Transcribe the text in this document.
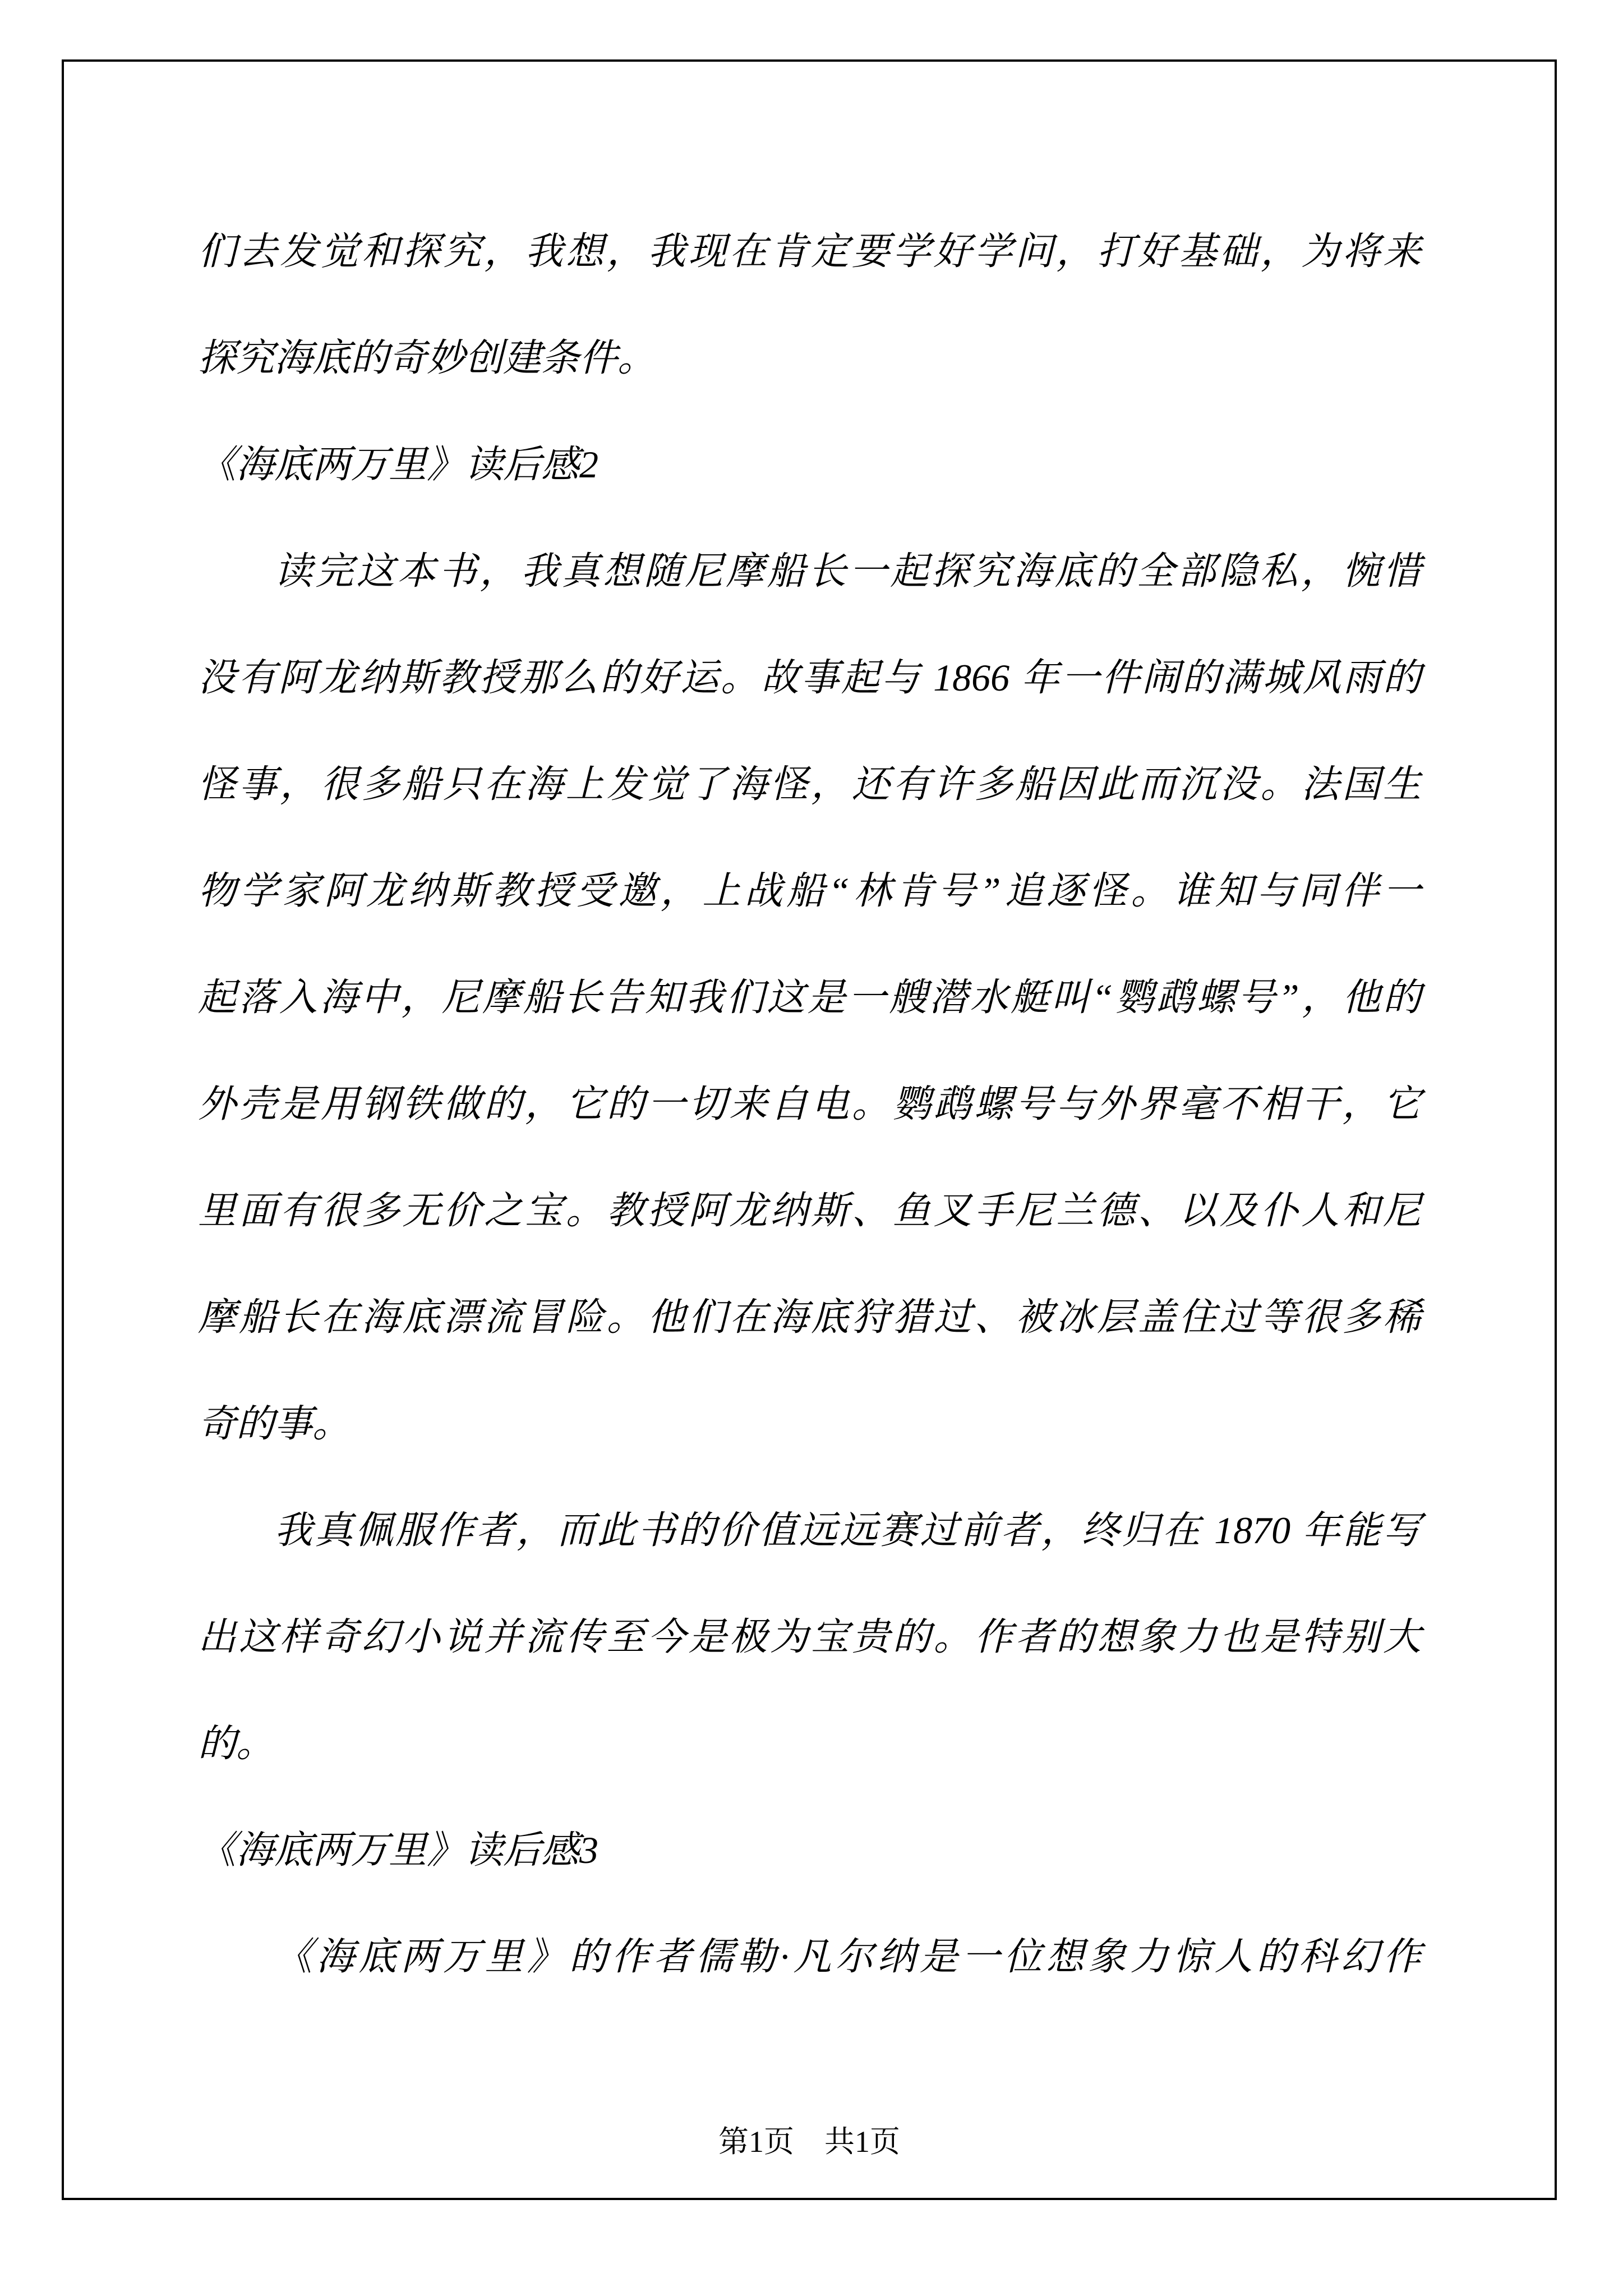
们去发觉和探究，我想，我现在肯定要学好学问，打好基础，为将来
探究海底的奇妙创建条件。
《海底两万里》读后感2
读完这本书，我真想随尼摩船长一起探究海底的全部隐私，惋惜
没有阿龙纳斯教授那么的好运。故事起与 1866 年一件闹的满城风雨的
怪事，很多船只在海上发觉了海怪，还有许多船因此而沉没。法国生
物学家阿龙纳斯教授受邀，上战船“林肯号”追逐怪。谁知与同伴一
起落入海中，尼摩船长告知我们这是一艘潜水艇叫“鹦鹉螺号”，他的
外壳是用钢铁做的，它的一切来自电。鹦鹉螺号与外界毫不相干，它
里面有很多无价之宝。教授阿龙纳斯、鱼叉手尼兰德、以及仆人和尼
摩船长在海底漂流冒险。他们在海底狩猎过、被冰层盖住过等很多稀
奇的事。
我真佩服作者，而此书的价值远远赛过前者，终归在 1870 年能写
出这样奇幻小说并流传至今是极为宝贵的。作者的想象力也是特别大
的。
《海底两万里》读后感3
《海底两万里》的作者儒勒·凡尔纳是一位想象力惊人的科幻作
第1页　共1页
